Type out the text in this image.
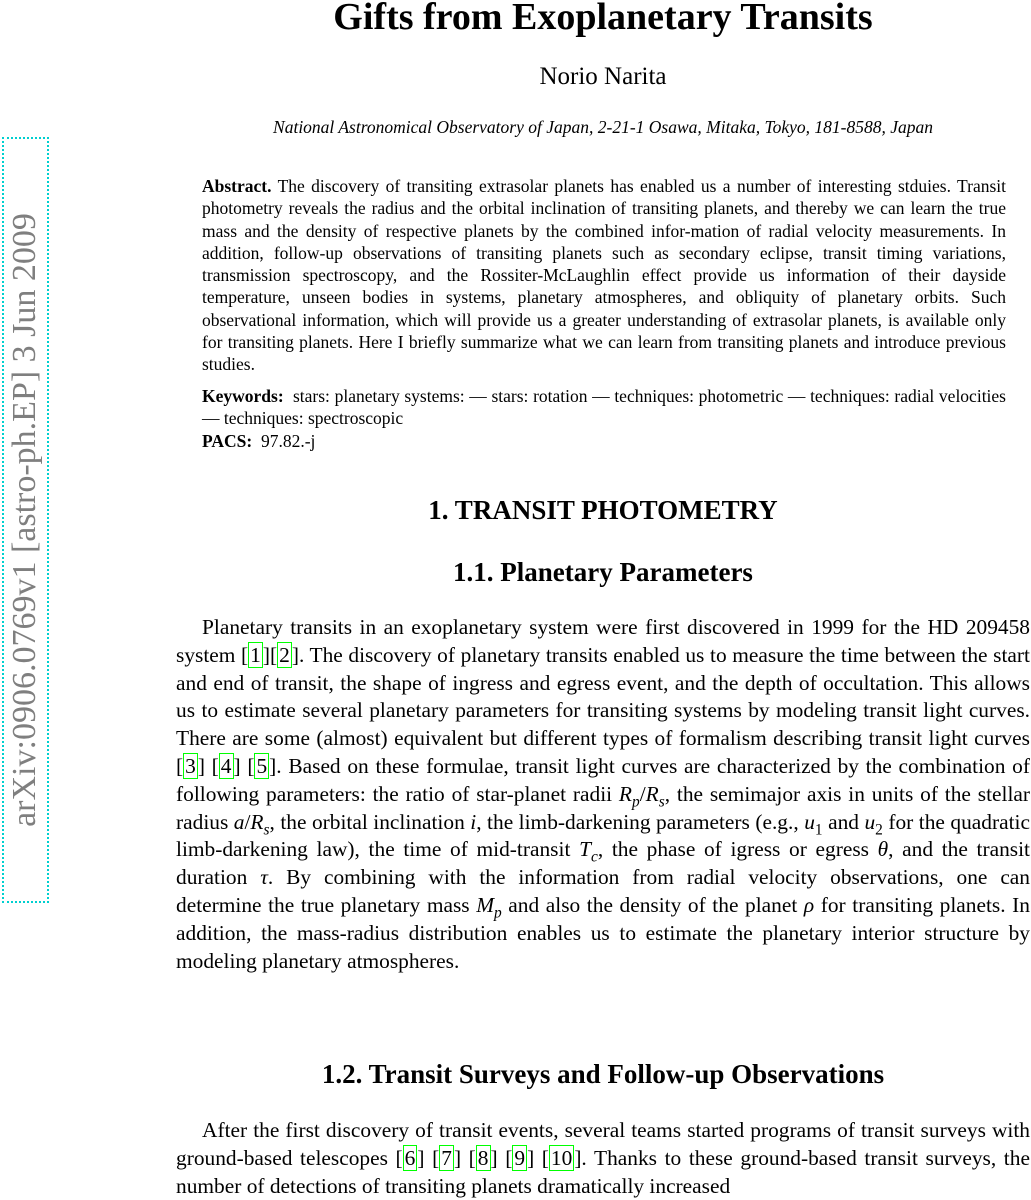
arXiv:0906.0769v1 [astro-ph.EP] 3 Jun 2009
Gifts from Exoplanetary Transits
Norio Narita
National Astronomical Observatory of Japan, 2-21-1 Osawa, Mitaka, Tokyo, 181-8588, Japan

Abstract. The discovery of transiting extrasolar planets has enabled us a number of interesting stduies. Transit photometry reveals the radius and the orbital inclination of transiting planets, and thereby we can learn the true mass and the density of respective planets by the combined infor-mation of radial velocity measurements. In addition, follow-up observations of transiting planets such as secondary eclipse, transit timing variations, transmission spectroscopy, and the Rossiter-McLaughlin effect provide us information of their dayside temperature, unseen bodies in systems, planetary atmospheres, and obliquity of planetary orbits. Such observational information, which will provide us a greater understanding of extrasolar planets, is available only for transiting planets. Here I briefly summarize what we can learn from transiting planets and introduce previous studies.

Keywords: stars: planetary systems: — stars: rotation — techniques: photometric — techniques: radial velocities — techniques: spectroscopic

PACS: 97.82.-j

1. TRANSIT PHOTOMETRY
1.1. Planetary Parameters

Planetary transits in an exoplanetary system were first discovered in 1999 for the HD 209458 system [1][2]. The discovery of planetary transits enabled us to measure the time between the start and end of transit, the shape of ingress and egress event, and the depth of occultation. This allows us to estimate several planetary parameters for transiting systems by modeling transit light curves. There are some (almost) equivalent but different types of formalism describing transit light curves [3] [4] [5]. Based on these formulae, transit light curves are characterized by the combination of following parameters: the ratio of star-planet radii $R_p/R_s$, the semimajor axis in units of the stellar radius $a/R_s$, the orbital inclination i, the limb-darkening parameters (e.g., $u_1$ and $u_2$ for the quadratic limb-darkening law), the time of mid-transit $T_c$, the phase of igress or egress θ, and the transit duration τ. By combining with the information from radial velocity observations, one can determine the true planetary mass $M_p$ and also the density of the planet ρ for transiting planets. In addition, the mass-radius distribution enables us to estimate the planetary interior structure by modeling planetary atmospheres.

1.2. Transit Surveys and Follow-up Observations

After the first discovery of transit events, several teams started programs of transit surveys with ground-based telescopes [6] [7] [8] [9] [10]. Thanks to these ground-based transit surveys, the number of detections of transiting planets dramatically increased
